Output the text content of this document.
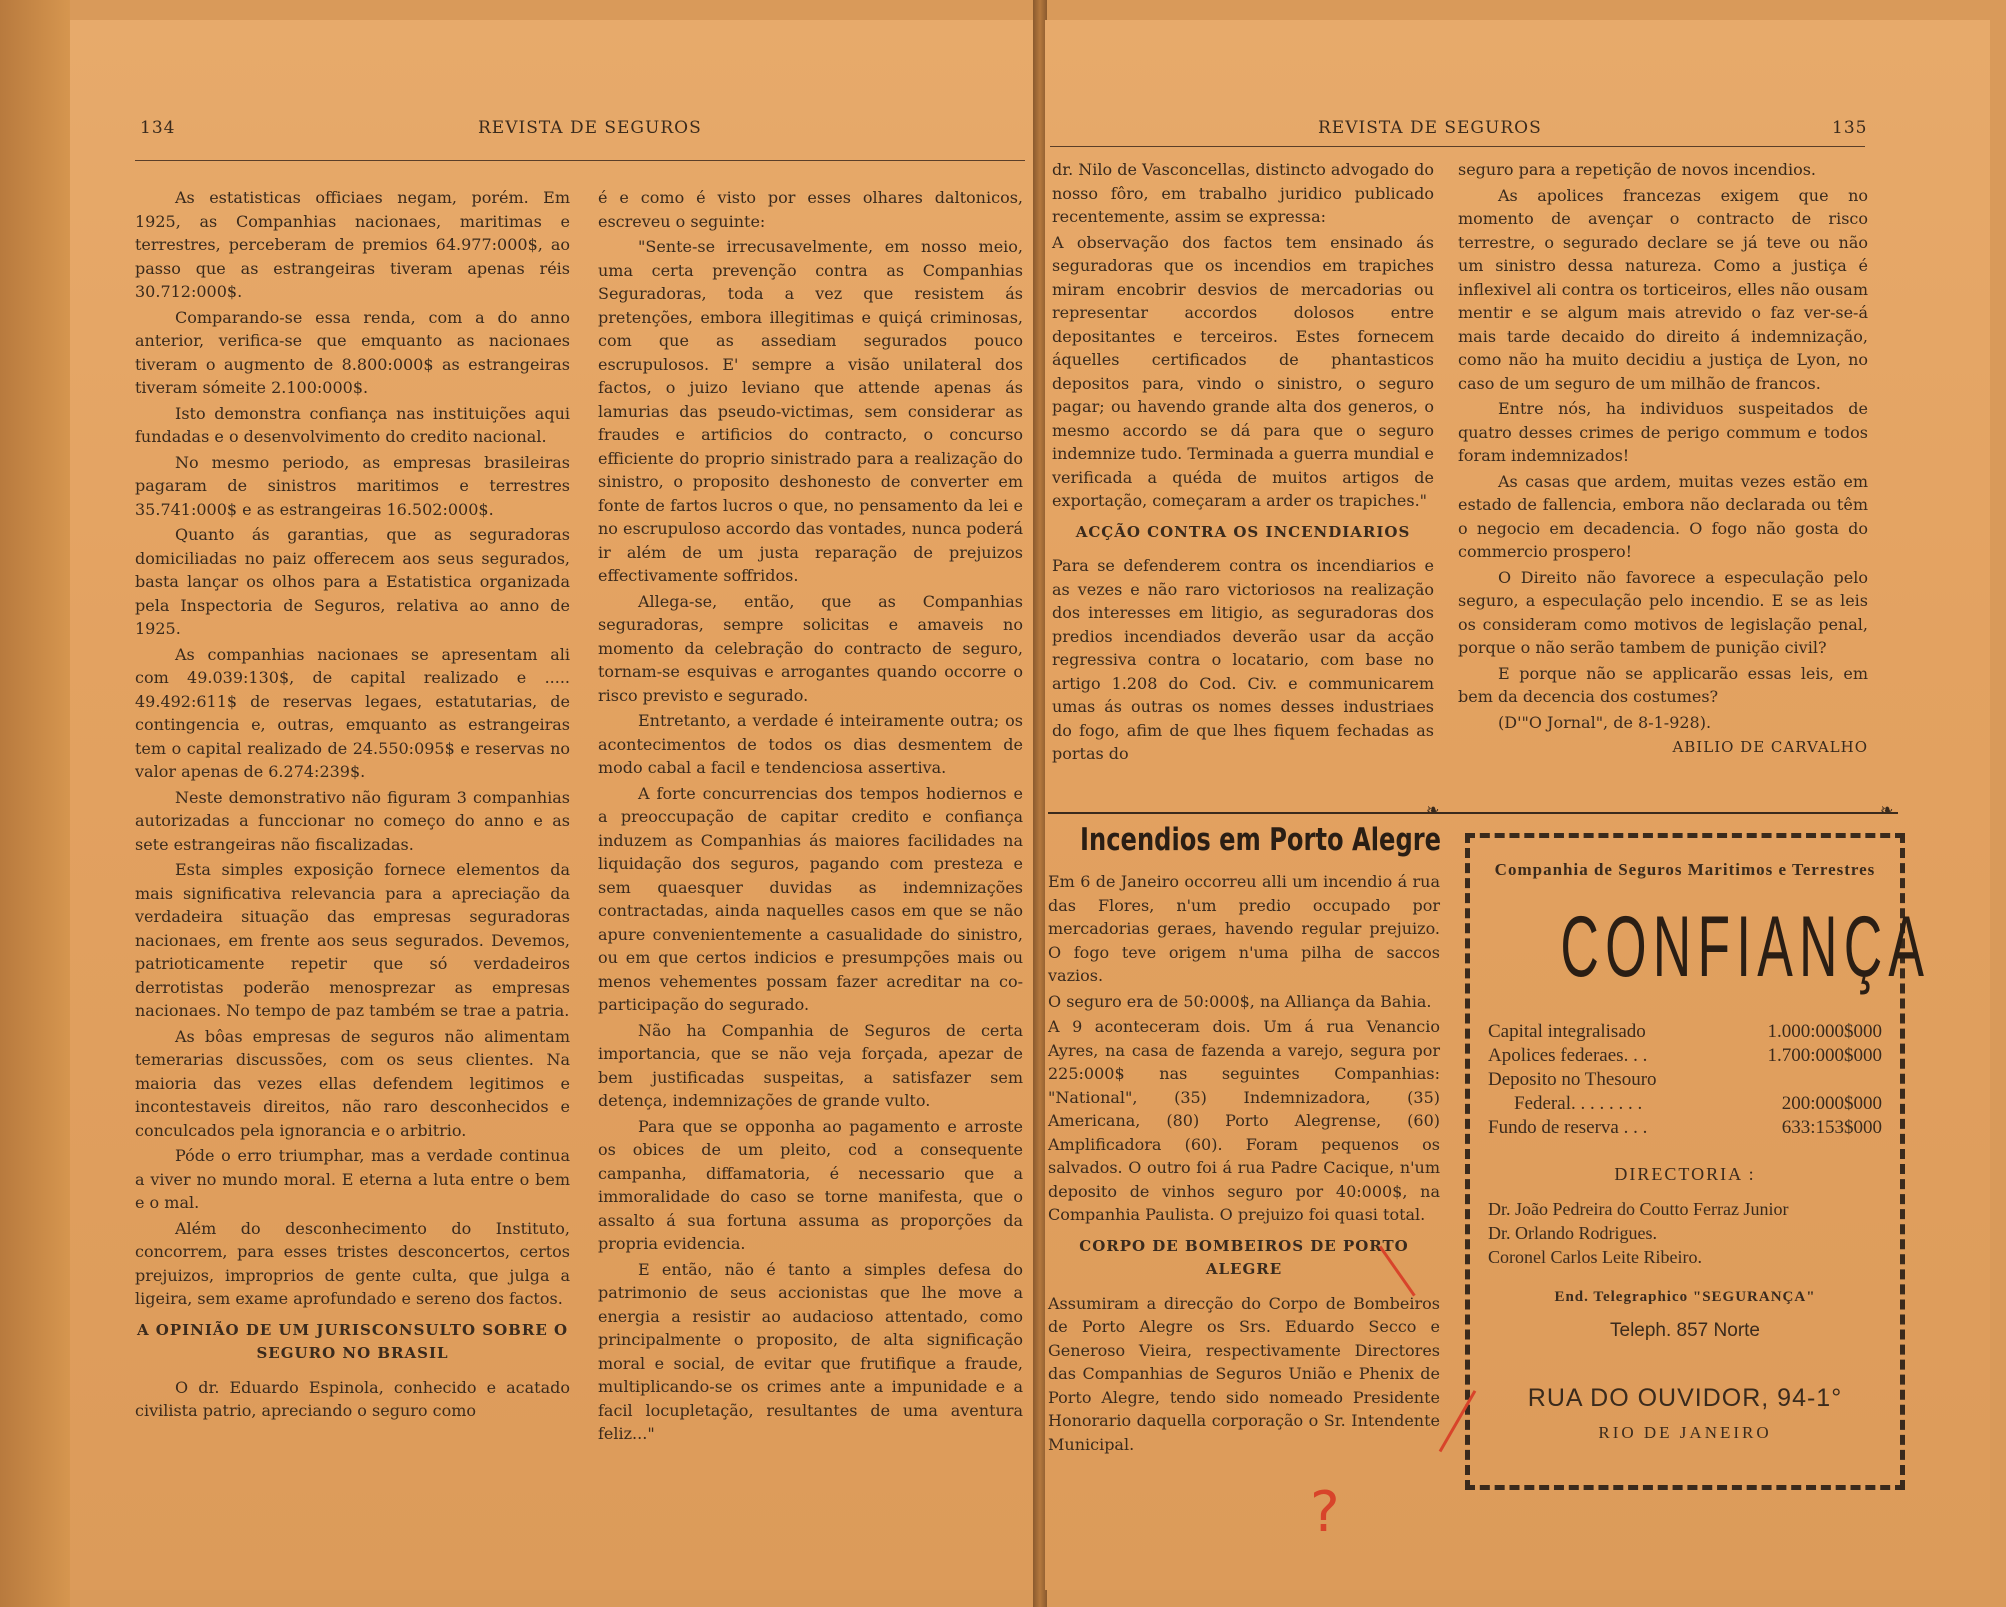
134	REVISTA DE SEGUROS

As estatisticas officiaes negam, porém. Em 1925, as Companhias nacionaes, maritimas e terrestres, perceberam de premios 64.977:000$, ao passo que as estrangeiras tiveram apenas réis 30.712:000$.

Comparando-se essa renda, com a do anno anterior, verifica-se que emquanto as nacionaes tiveram o augmento de 8.800:000$ as estrangeiras tiveram sómeite 2.100:000$.

Isto demonstra confiança nas instituições aqui fundadas e o desenvolvimento do credito nacional.

No mesmo periodo, as empresas brasileiras pagaram de sinistros maritimos e terrestres 35.741:000$ e as estrangeiras 16.502:000$.

Quanto ás garantias, que as seguradoras domiciliadas no paiz offerecem aos seus segurados, basta lançar os olhos para a Estatistica organizada pela Inspectoria de Seguros, relativa ao anno de 1925.

As companhias nacionaes se apresentam ali com 49.039:130$, de capital realizado e ..... 49.492:611$ de reservas legaes, estatutarias, de contingencia e, outras, emquanto as estrangeiras tem o capital realizado de 24.550:095$ e reservas no valor apenas de 6.274:239$.

Neste demonstrativo não figuram 3 companhias autorizadas a funccionar no começo do anno e as sete estrangeiras não fiscalizadas.

Esta simples exposição fornece elementos da mais significativa relevancia para a apreciação da verdadeira situação das empresas seguradoras nacionaes, em frente aos seus segurados. Devemos, patrioticamente repetir que só verdadeiros derrotistas poderão menosprezar as empresas nacionaes. No tempo de paz também se trae a patria.

As bôas empresas de seguros não alimentam temerarias discussões, com os seus clientes. Na maioria das vezes ellas defendem legitimos e incontestaveis direitos, não raro desconhecidos e conculcados pela ignorancia e o arbitrio.

Póde o erro triumphar, mas a verdade continua a viver no mundo moral. E eterna a luta entre o bem e o mal.

Além do desconhecimento do Instituto, concorrem, para esses tristes desconcertos, certos prejuizos, improprios de gente culta, que julga a ligeira, sem exame aprofundado e sereno dos factos.

A OPINIÃO DE UM JURISCONSULTO SOBRE O SEGURO NO BRASIL

O dr. Eduardo Espinola, conhecido e acatado civilista patrio, apreciando o seguro como

é e como é visto por esses olhares daltonicos, escreveu o seguinte:

"Sente-se irrecusavelmente, em nosso meio, uma certa prevenção contra as Companhias Seguradoras, toda a vez que resistem ás pretenções, embora illegitimas e quiçá criminosas, com que as assediam segurados pouco escrupulosos. E' sempre a visão unilateral dos factos, o juizo leviano que attende apenas ás lamurias das pseudo-victimas, sem considerar as fraudes e artificios do contracto, o concurso efficiente do proprio sinistrado para a realização do sinistro, o proposito deshonesto de converter em fonte de fartos lucros o que, no pensamento da lei e no escrupuloso accordo das vontades, nunca poderá ir além de um justa reparação de prejuizos effectivamente soffridos.

Allega-se, então, que as Companhias seguradoras, sempre solicitas e amaveis no momento da celebração do contracto de seguro, tornam-se esquivas e arrogantes quando occorre o risco previsto e segurado.

Entretanto, a verdade é inteiramente outra; os acontecimentos de todos os dias desmentem de modo cabal a facil e tendenciosa assertiva.

A forte concurrencias dos tempos hodiernos e a preoccupação de capitar credito e confiança induzem as Companhias ás maiores facilidades na liquidação dos seguros, pagando com presteza e sem quaesquer duvidas as indemnizações contractadas, ainda naquelles casos em que se não apure convenientemente a casualidade do sinistro, ou em que certos indicios e presumpções mais ou menos vehementes possam fazer acreditar na co-participação do segurado.

Não ha Companhia de Seguros de certa importancia, que se não veja forçada, apezar de bem justificadas suspeitas, a satisfazer sem detença, indemnizações de grande vulto.

Para que se opponha ao pagamento e arrostе os obices de um pleito, cod a consequente campanha, diffamatoria, é necessario que a immoralidade do caso se torne manifesta, que o assalto á sua fortuna assuma as proporções da propria evidencia.

E então, não é tanto a simples defesa do patrimonio de seus accionistas que lhe move a energia a resistir ao audacioso attentado, como principalmente o proposito, de alta significação moral e social, de evitar que frutifique a fraude, multiplicando-se os crimes ante a impunidade e a facil locupletação, resultantes de uma aventura feliz..."

REVISTA DE SEGUROS	135

dr. Nilo de Vasconcellas, distincto advogado do nosso fôro, em trabalho juridico publicado recentemente, assim se expressa:

A observação dos factos tem ensinado ás seguradoras que os incendios em trapiches miram encobrir desvios de mercadorias ou representar accordos dolosos entre depositantes e terceiros. Estes fornecem áquelles certificados de phantasticos depositos para, vindo o sinistro, o seguro pagar; ou havendo grande alta dos generos, o mesmo accordo se dá para que o seguro indemnize tudo. Terminada a guerra mundial e verificada a quéda de muitos artigos de exportação, começaram a arder os trapiches."

ACÇÃO CONTRA OS INCENDIARIOS

Para se defenderem contra os incendiarios e as vezes e não raro victoriosos na realização dos interesses em litigio, as seguradoras dos predios incendiados deverão usar da acção regressiva contra o locatario, com base no artigo 1.208 do Cod. Civ. e communicarem umas ás outras os nomes desses industriaes do fogo, afim de que lhes fiquem fechadas as portas do

seguro para a repetição de novos incendios.

As apolices francezas exigem que no momento de avençar o contracto de risco terrestre, o segurado declare se já teve ou não um sinistro dessa natureza. Como a justiça é inflexivel ali contra os torticeiros, elles não ousam mentir e se algum mais atrevido o faz ver-se-á mais tarde decaido do direito á indemnização, como não ha muito decidiu a justiça de Lyon, no caso de um seguro de um milhão de francos.

Entre nós, ha individuos suspeitados de quatro desses crimes de perigo commum e todos foram indemnizados!

As casas que ardem, muitas vezes estão em estado de fallencia, embora não declarada ou têm o negocio em decadencia. O fogo não gosta do commercio prospero!

O Direito não favorece a especulação pelo seguro, a especulação pelo incendio. E se as leis os consideram como motivos de legislação penal, porque o não serão tambem de punição civil?

E porque não se applicarão essas leis, em bem da decencia dos costumes?

(D'"O Jornal", de 8-1-928).

ABILIO DE CARVALHO

❧	❧
Incendios em Porto Alegre

Em 6 de Janeiro occorreu alli um incendio á rua das Flores, n'um predio occupado por mercadorias geraes, havendo regular prejuizo. O fogo teve origem n'uma pilha de saccos vazios.

O seguro era de 50:000$, na Alliança da Bahia.

A 9 aconteceram dois. Um á rua Venancio Ayres, na casa de fazenda a varejo, segura por 225:000$ nas seguintes Companhias: "National", (35) Indemnizadora, (35) Americana, (80) Porto Alegrense, (60) Amplificadora (60). Foram pequenos os salvados. O outro foi á rua Padre Cacique, n'um deposito de vinhos seguro por 40:000$, na Companhia Paulista. O prejuizo foi quasi total.

CORPO DE BOMBEIROS DE PORTO ALEGRE

Assumiram a direcção do Corpo de Bombeiros de Porto Alegre os Srs. Eduardo Secco e Generoso Vieira, respectivamente Directores das Companhias de Seguros União e Phenix de Porto Alegre, tendo sido nomeado Presidente Honorario daquella corporação o Sr. Intendente Municipal.

Companhia de Seguros Maritimos e Terrestres
CONFIANÇA
Capital integralisado	1.000:000$000
Apolices federaes. . .	1.700:000$000
Deposito no Thesouro
Federal. . . . . . . .	200:000$000
Fundo de reserva . . .	633:153$000
DIRECTORIA :
Dr. João Pedreira do Coutto Ferraz Junior
Dr. Orlando Rodrigues.
Coronel Carlos Leite Ribeiro.
End. Telegraphico "SEGURANÇA"
Teleph. 857 Norte
RUA DO OUVIDOR, 94-1°
RIO DE JANEIRO
?
